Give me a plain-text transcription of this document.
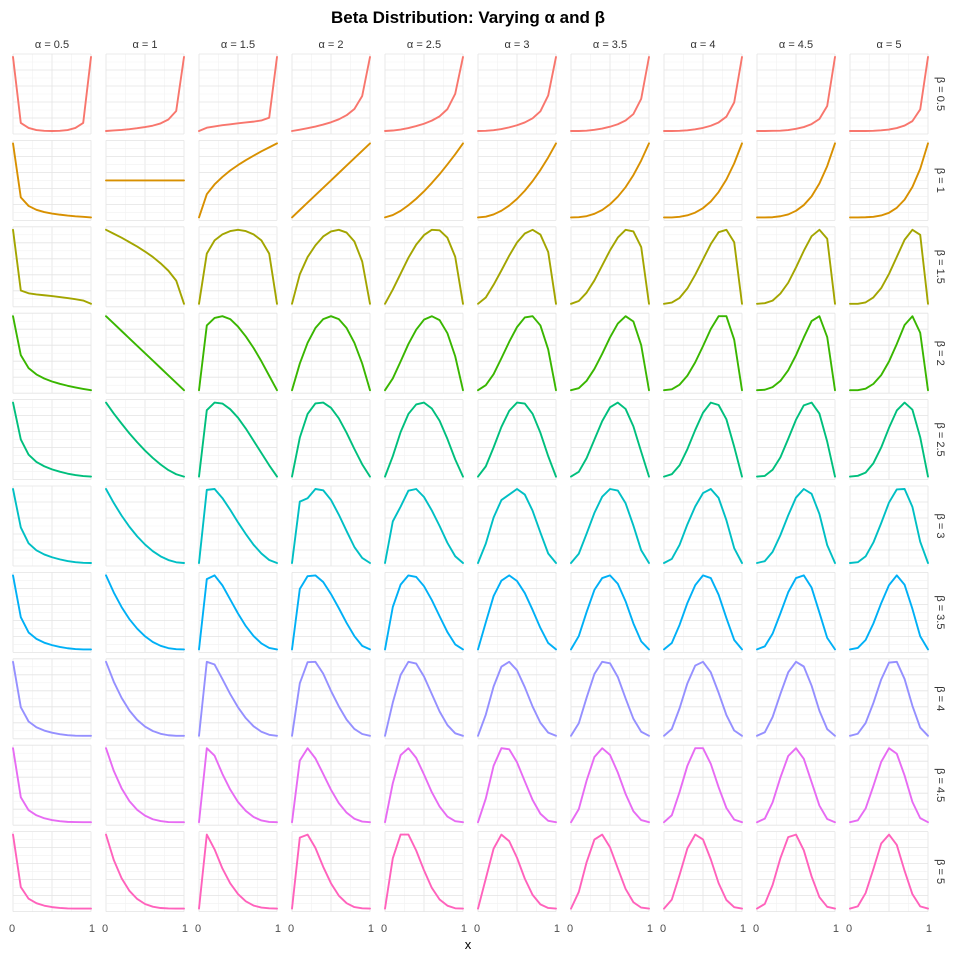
Beta Distribution: Varying α and β
α = 0.5	α = 1	α = 1.5	α = 2	α = 2.5	α = 3	α = 3.5	α = 4	α = 4.5	α = 5
β = 0.5
β = 1
β = 1.5
β = 2
β = 2.5
β = 3
β = 3.5
β = 4
β = 4.5
β = 5
0	1 0	1 0	1 0	1 0	1 0	1 0	1 0	1 0	1 0	1
x
